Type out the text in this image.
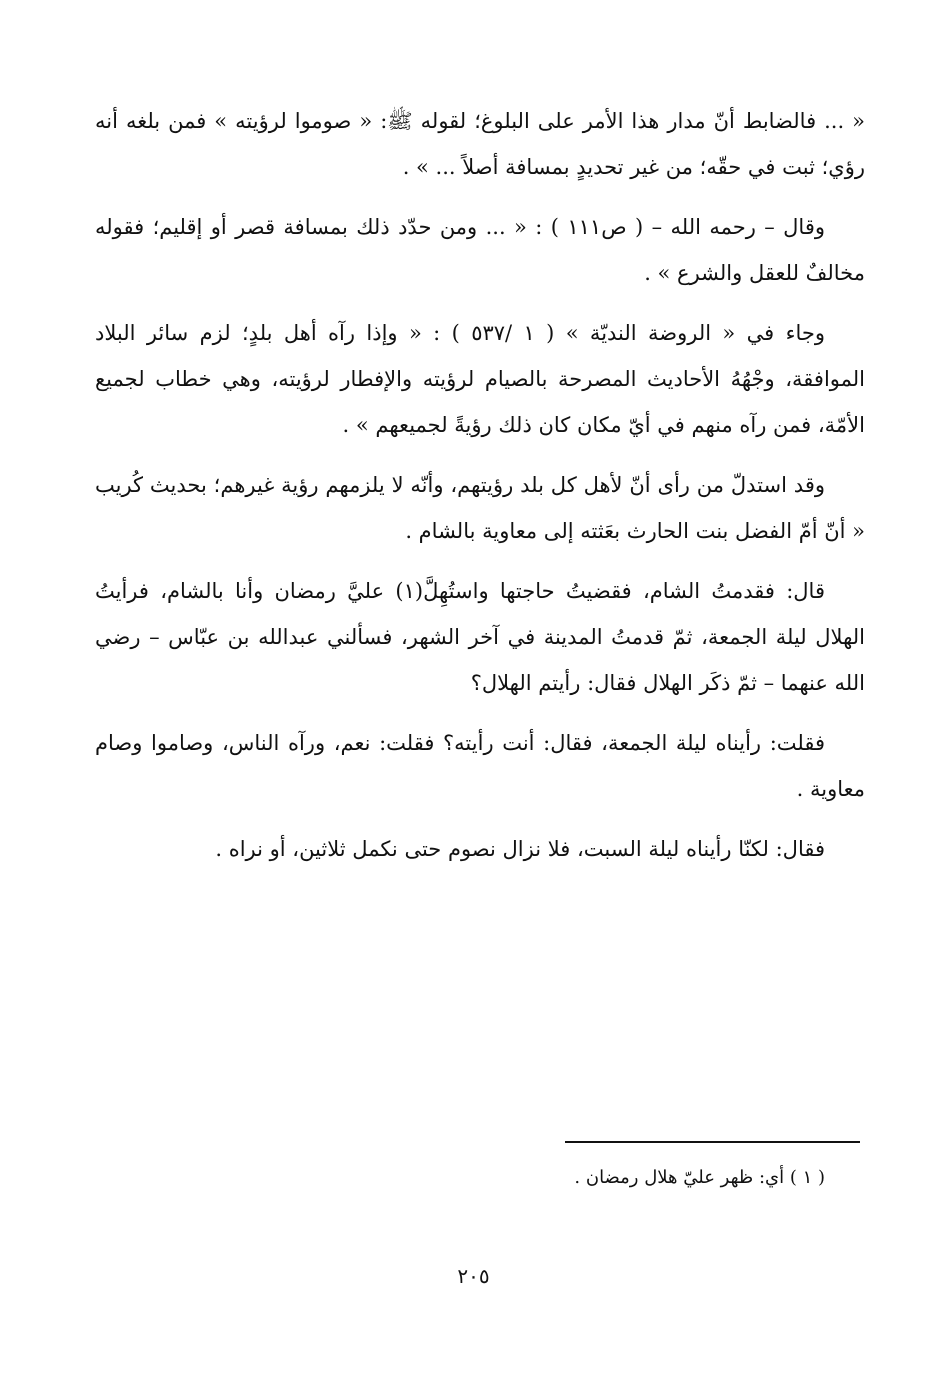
« ... فالضابط أنّ مدار هذا الأمر على البلوغ؛ لقوله ﷺ: « صوموا لرؤيته » فمن بلغه أنه رؤي؛ ثبت في حقّه؛ من غير تحديدٍ بمسافة أصلاً ... » .

وقال – رحمه الله – ( ص١١١ ) : « ... ومن حدّد ذلك بمسافة قصر أو إقليم؛ فقوله مخالفٌ للعقل والشرع » .

وجاء في « الروضة النديّة » ( ١ /٥٣٧ ) : « وإذا رآه أهل بلدٍ؛ لزم سائر البلاد الموافقة، وجْهُهُ الأحاديث المصرحة بالصيام لرؤيته والإفطار لرؤيته، وهي خطاب لجميع الأمّة، فمن رآه منهم في أيّ مكان كان ذلك رؤيةً لجميعهم » .

وقد استدلّ من رأى أنّ لأهل كل بلد رؤيتهم، وأنّه لا يلزمهم رؤية غيرهم؛ بحديث كُريب « أنّ أمّ الفضل بنت الحارث بعَثته إلى معاوية بالشام .

قال: فقدمتُ الشام، فقضيتُ حاجتها واستُهِلَّ(١) عليَّ رمضان وأنا بالشام، فرأيتُ الهلال ليلة الجمعة، ثمّ قدمتُ المدينة في آخر الشهر، فسألني عبدالله بن عبّاس – رضي الله عنهما – ثمّ ذكَر الهلال فقال: رأيتم الهلال؟

فقلت: رأيناه ليلة الجمعة، فقال: أنت رأيته؟ فقلت: نعم، ورآه الناس، وصاموا وصام معاوية .

فقال: لكنّا رأيناه ليلة السبت، فلا نزال نصوم حتى نكمل ثلاثين، أو نراه .

( ١ ) أي: ظهر عليّ هلال رمضان .
٢٠٥
